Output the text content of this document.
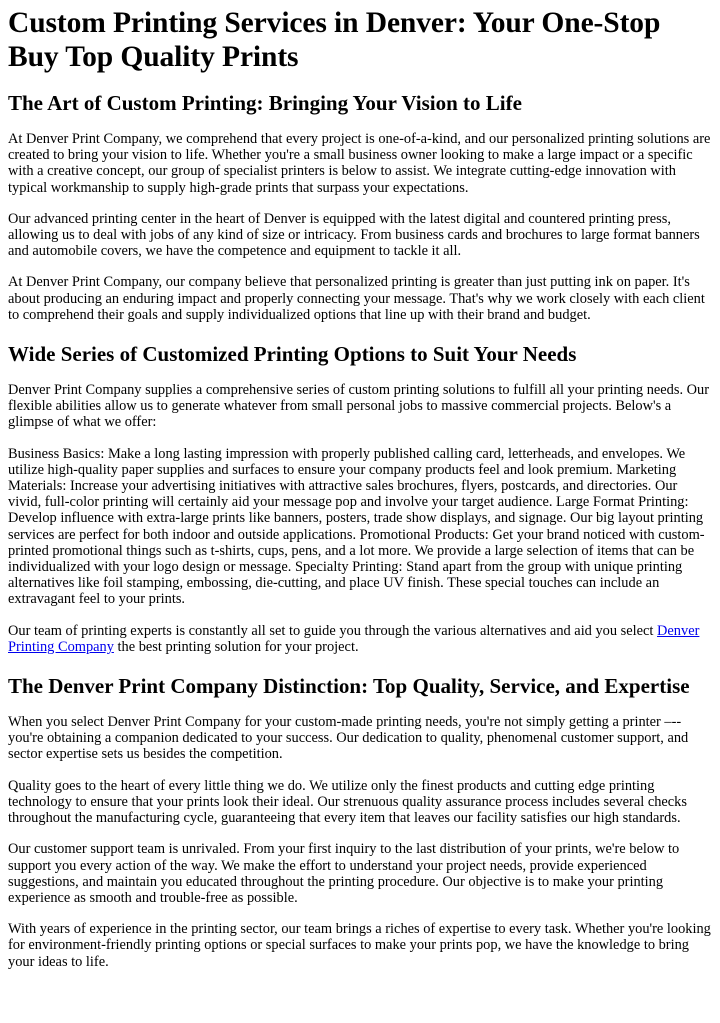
Custom Printing Services in Denver: Your One-Stop Buy Top Quality Prints
The Art of Custom Printing: Bringing Your Vision to Life

At Denver Print Company, we comprehend that every project is one-of-a-kind, and our personalized printing solutions are created to bring your vision to life. Whether you're a small business owner looking to make a large impact or a specific with a creative concept, our group of specialist printers is below to assist. We integrate cutting-edge innovation with typical workmanship to supply high-grade prints that surpass your expectations.

Our advanced printing center in the heart of Denver is equipped with the latest digital and countered printing press, allowing us to deal with jobs of any kind of size or intricacy. From business cards and brochures to large format banners and automobile covers, we have the competence and equipment to tackle it all.

At Denver Print Company, our company believe that personalized printing is greater than just putting ink on paper. It's about producing an enduring impact and properly connecting your message. That's why we work closely with each client to comprehend their goals and supply individualized options that line up with their brand and budget.

Wide Series of Customized Printing Options to Suit Your Needs

Denver Print Company supplies a comprehensive series of custom printing solutions to fulfill all your printing needs. Our flexible abilities allow us to generate whatever from small personal jobs to massive commercial projects. Below's a glimpse of what we offer:

Business Basics: Make a long lasting impression with properly published calling card, letterheads, and envelopes. We utilize high-quality paper supplies and surfaces to ensure your company products feel and look premium. Marketing Materials: Increase your advertising initiatives with attractive sales brochures, flyers, postcards, and directories. Our vivid, full-color printing will certainly aid your message pop and involve your target audience. Large Format Printing: Develop influence with extra-large prints like banners, posters, trade show displays, and signage. Our big layout printing services are perfect for both indoor and outside applications. Promotional Products: Get your brand noticed with custom-printed promotional things such as t-shirts, cups, pens, and a lot more. We provide a large selection of items that can be individualized with your logo design or message. Specialty Printing: Stand apart from the group with unique printing alternatives like foil stamping, embossing, die-cutting, and place UV finish. These special touches can include an extravagant feel to your prints.

Our team of printing experts is constantly all set to guide you through the various alternatives and aid you select Denver Printing Company the best printing solution for your project.

The Denver Print Company Distinction: Top Quality, Service, and Expertise

When you select Denver Print Company for your custom-made printing needs, you're not simply getting a printer –-- you're obtaining a companion dedicated to your success. Our dedication to quality, phenomenal customer support, and sector expertise sets us besides the competition.

Quality goes to the heart of every little thing we do. We utilize only the finest products and cutting edge printing technology to ensure that your prints look their ideal. Our strenuous quality assurance process includes several checks throughout the manufacturing cycle, guaranteeing that every item that leaves our facility satisfies our high standards.

Our customer support team is unrivaled. From your first inquiry to the last distribution of your prints, we're below to support you every action of the way. We make the effort to understand your project needs, provide experienced suggestions, and maintain you educated throughout the printing procedure. Our objective is to make your printing experience as smooth and trouble-free as possible.

With years of experience in the printing sector, our team brings a riches of expertise to every task. Whether you're looking for environment-friendly printing options or special surfaces to make your prints pop, we have the knowledge to bring your ideas to life.
